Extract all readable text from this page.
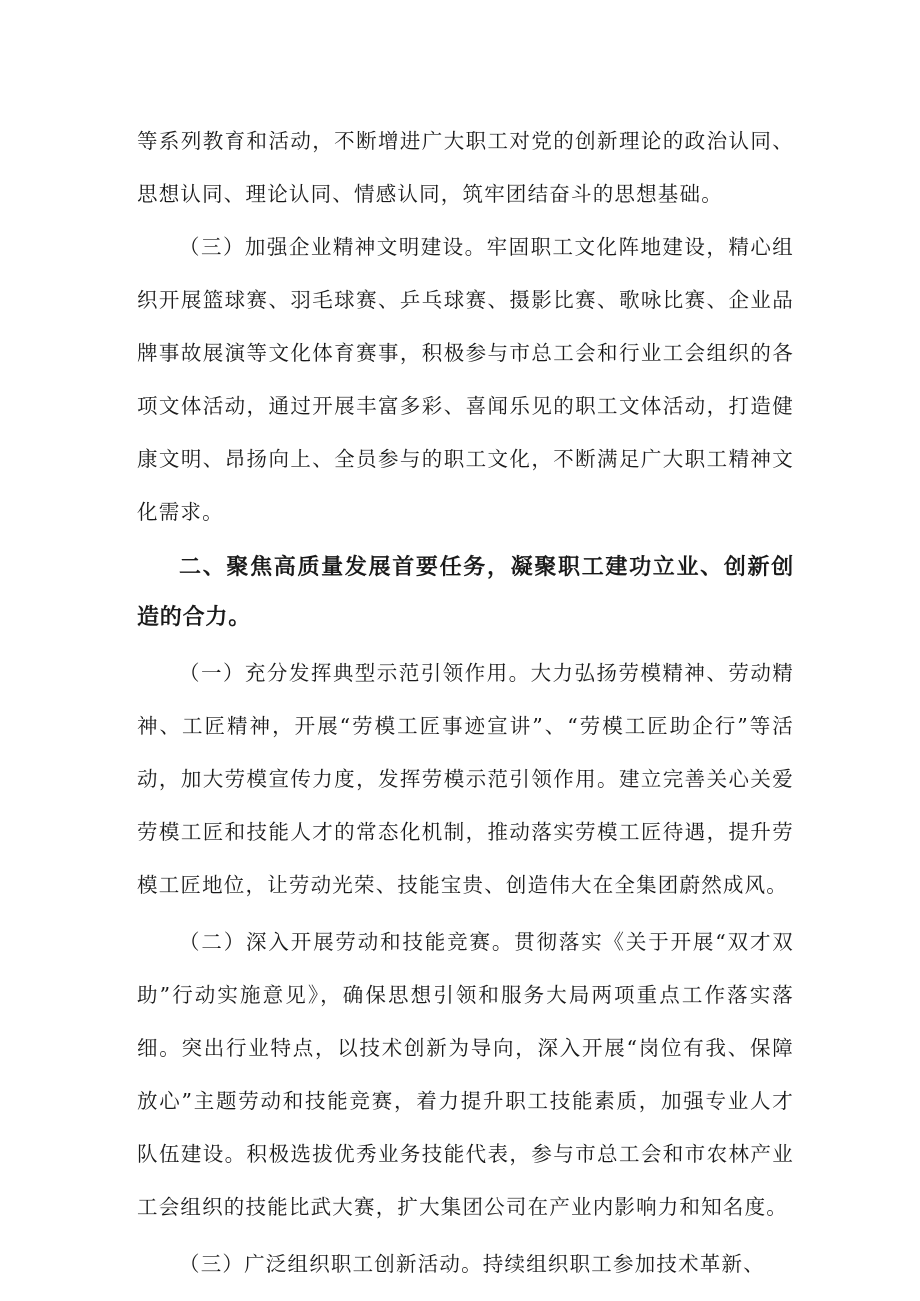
等系列教育和活动，不断增进广大职工对党的创新理论的政治认同、思想认同、理论认同、情感认同，筑牢团结奋斗的思想基础。

（三）加强企业精神文明建设。牢固职工文化阵地建设，精心组织开展篮球赛、羽毛球赛、乒乓球赛、摄影比赛、歌咏比赛、企业品牌事故展演等文化体育赛事，积极参与市总工会和行业工会组织的各项文体活动，通过开展丰富多彩、喜闻乐见的职工文体活动，打造健康文明、昂扬向上、全员参与的职工文化，不断满足广大职工精神文化需求。

二、聚焦高质量发展首要任务，凝聚职工建功立业、创新创造的合力。

（一）充分发挥典型示范引领作用。大力弘扬劳模精神、劳动精神、工匠精神，开展“劳模工匠事迹宣讲”、“劳模工匠助企行”等活动，加大劳模宣传力度，发挥劳模示范引领作用。建立完善关心关爱劳模工匠和技能人才的常态化机制，推动落实劳模工匠待遇，提升劳模工匠地位，让劳动光荣、技能宝贵、创造伟大在全集团蔚然成风。

（二）深入开展劳动和技能竞赛。贯彻落实《关于开展“双才双助”行动实施意见》，确保思想引领和服务大局两项重点工作落实落细。突出行业特点，以技术创新为导向，深入开展“岗位有我、保障放心”主题劳动和技能竞赛，着力提升职工技能素质，加强专业人才队伍建设。积极选拔优秀业务技能代表，参与市总工会和市农林产业工会组织的技能比武大赛，扩大集团公司在产业内影响力和知名度。

（三）广泛组织职工创新活动。持续组织职工参加技术革新、
